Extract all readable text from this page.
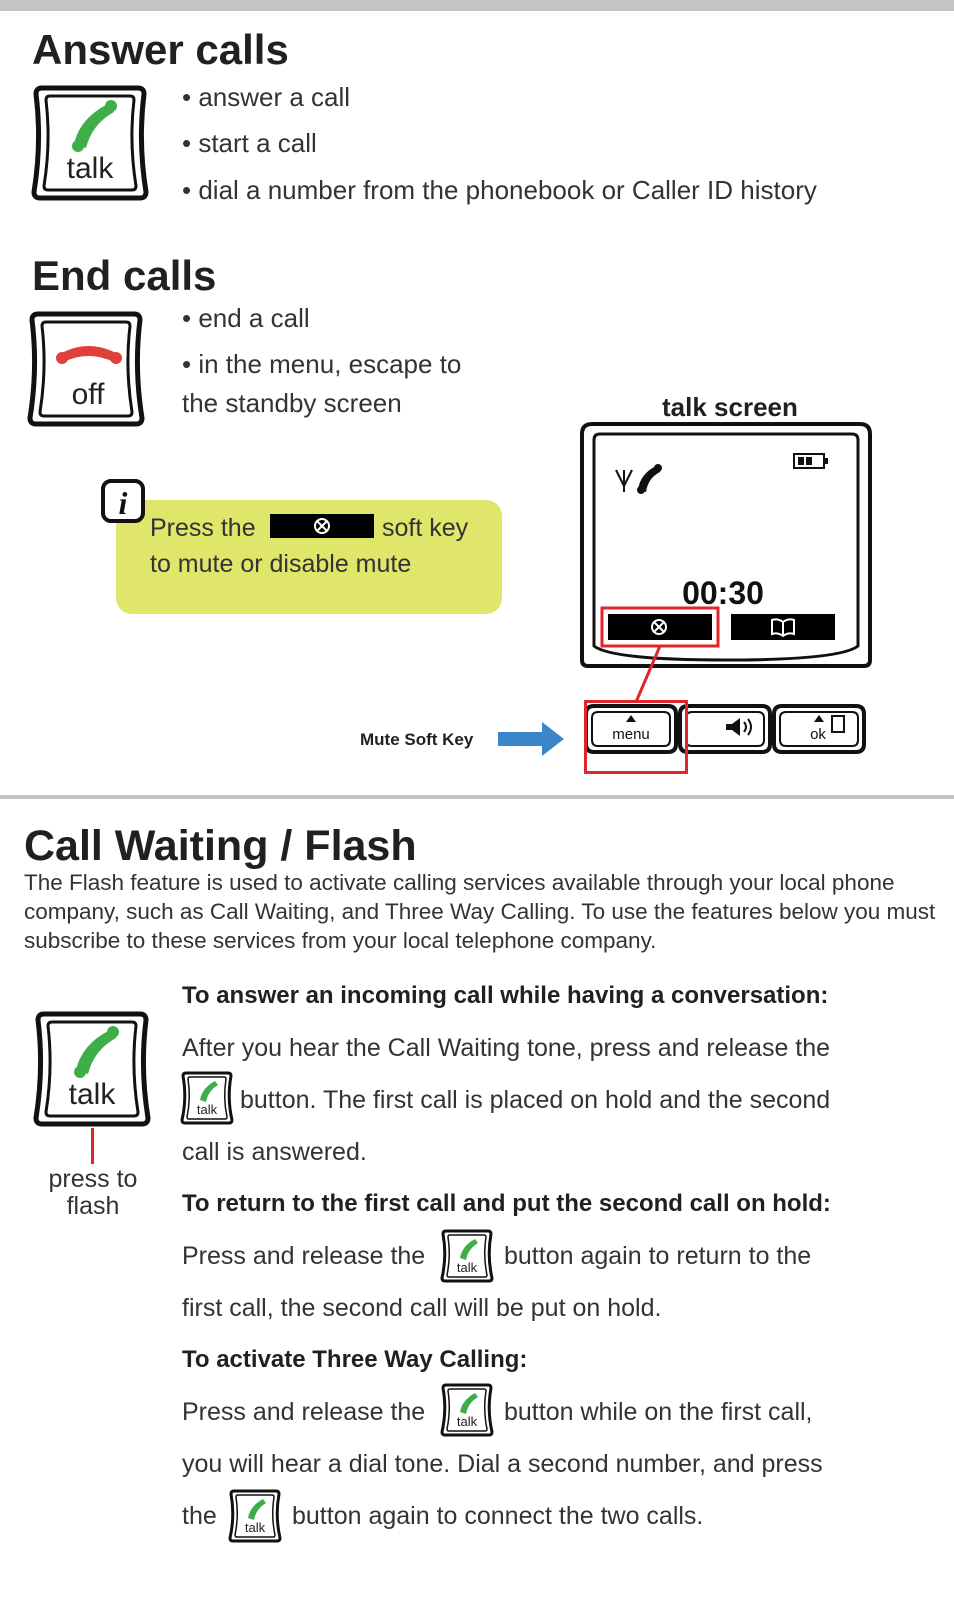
Answer calls
talk
• answer a call
• start a call
• dial a number from the phonebook or Caller ID history
End calls
off
• end a call
• in the menu, escape to
the standby screen
i
Press the	soft key
to mute or disable mute
talk screen
00:30
menu	ok
Mute Soft Key
Call Waiting / Flash
The Flash feature is used to activate calling services available through your local phone company, such as Call Waiting, and Three Way Calling. To use the features below you must subscribe to these services from your local telephone company.
talk
press to flash
To answer an incoming call while having a conversation:
After you hear the Call Waiting tone, press and release the
talk button. The first call is placed on hold and the second
call is answered.
To return to the first call and put the second call on hold:
Press and release the talk button again to return to the
first call, the second call will be put on hold.
To activate Three Way Calling:
Press and release the talk button while on the first call,
you will hear a dial tone. Dial a second number, and press
the talk button again to connect the two calls.
